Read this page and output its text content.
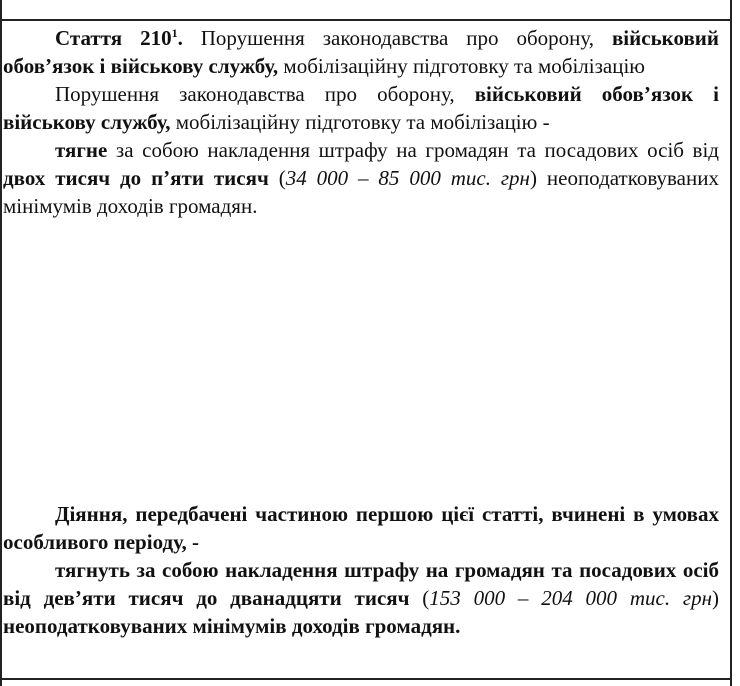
Стаття $210^1$. Порушення законодавства про оборону, військовий обов’язок і військову службу, мобілізаційну підготовку та мобілізацію

Порушення законодавства про оборону, військовий обов’язок і військову службу, мобілізаційну підготовку та мобілізацію -

тягне за собою накладення штрафу на громадян та посадових осіб від двох тисяч до п’яти тисяч (34 000 – 85 000 тис. грн) неоподатковуваних мінімумів доходів громадян.

Діяння, передбачені частиною першою цієї статті, вчинені в умовах особливого періоду, -

тягнуть за собою накладення штрафу на громадян та посадових осіб від дев’яти тисяч до дванадцяти тисяч (153 000 – 204 000 тис. грн) неоподатковуваних мінімумів доходів громадян.
